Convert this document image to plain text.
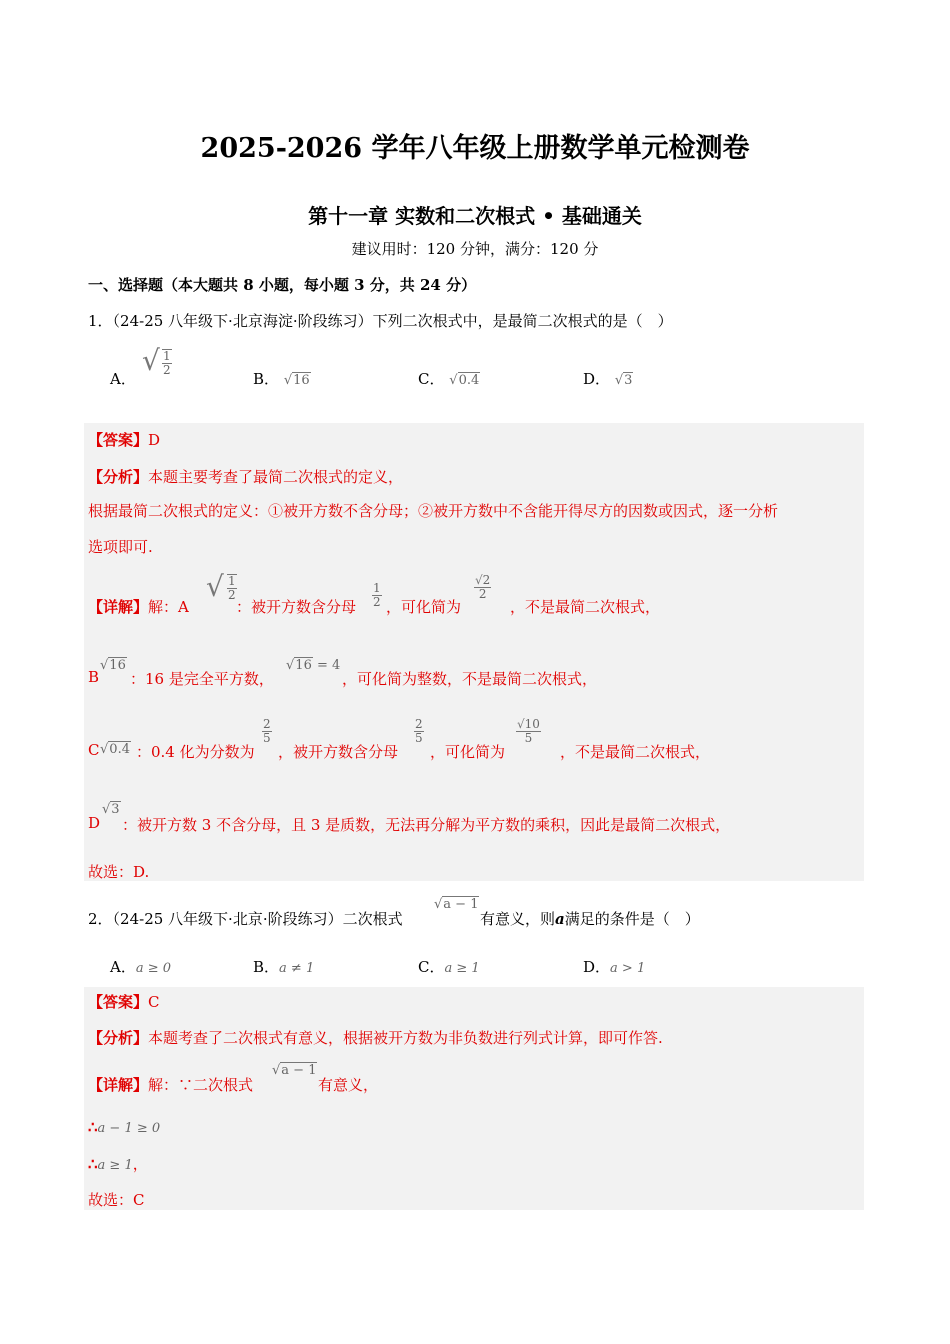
2025-2026 学年八年级上册数学单元检测卷
第十一章 实数和二次根式 • 基础通关
建议用时：120 分钟，满分：120 分
一、选择题（本大题共 8 小题，每小题 3 分，共 24 分）
1．（24-25 八年级下·北京海淀·阶段练习）下列二次根式中，是最简二次根式的是（　）
A．
√ $\frac{1}{2}$
B． √16	C． √0.4	D． √3
【答案】D
【分析】本题主要考查了最简二次根式的定义，
根据最简二次根式的定义：①被开方数不含分母；②被开方数中不含能开得尽方的因数或因式，逐一分析
选项即可.
【详解】解：A
√ $\frac{1}{2}$
：被开方数含分母 $\frac{1}{2}$ ，可化简为
$\frac{√2}{2}$
，不是最简二次根式，
B
√16
：16 是完全平方数，
√16 = 4
，可化简为整数，不是最简二次根式，
C √0.4 ：0.4 化为分数为
$\frac{2}{5}$
，被开方数含分母
$\frac{2}{5}$
，可化简为
$\frac{√10}{5}$
，不是最简二次根式，
D
√3
：被开方数 3 不含分母，且 3 是质数，无法再分解为平方数的乘积，因此是最简二次根式，
故选：D.
2．（24-25 八年级下·北京·阶段练习）二次根式
√a − 1
有意义，则a满足的条件是（　）
A．a ≥ 0	B．a ≠ 1	C．a ≥ 1	D．a > 1
【答案】C
【分析】本题考查了二次根式有意义，根据被开方数为非负数进行列式计算，即可作答.
【详解】解：∵二次根式
√a − 1
有意义，
∴a − 1 ≥ 0
∴a ≥ 1，
故选：C
